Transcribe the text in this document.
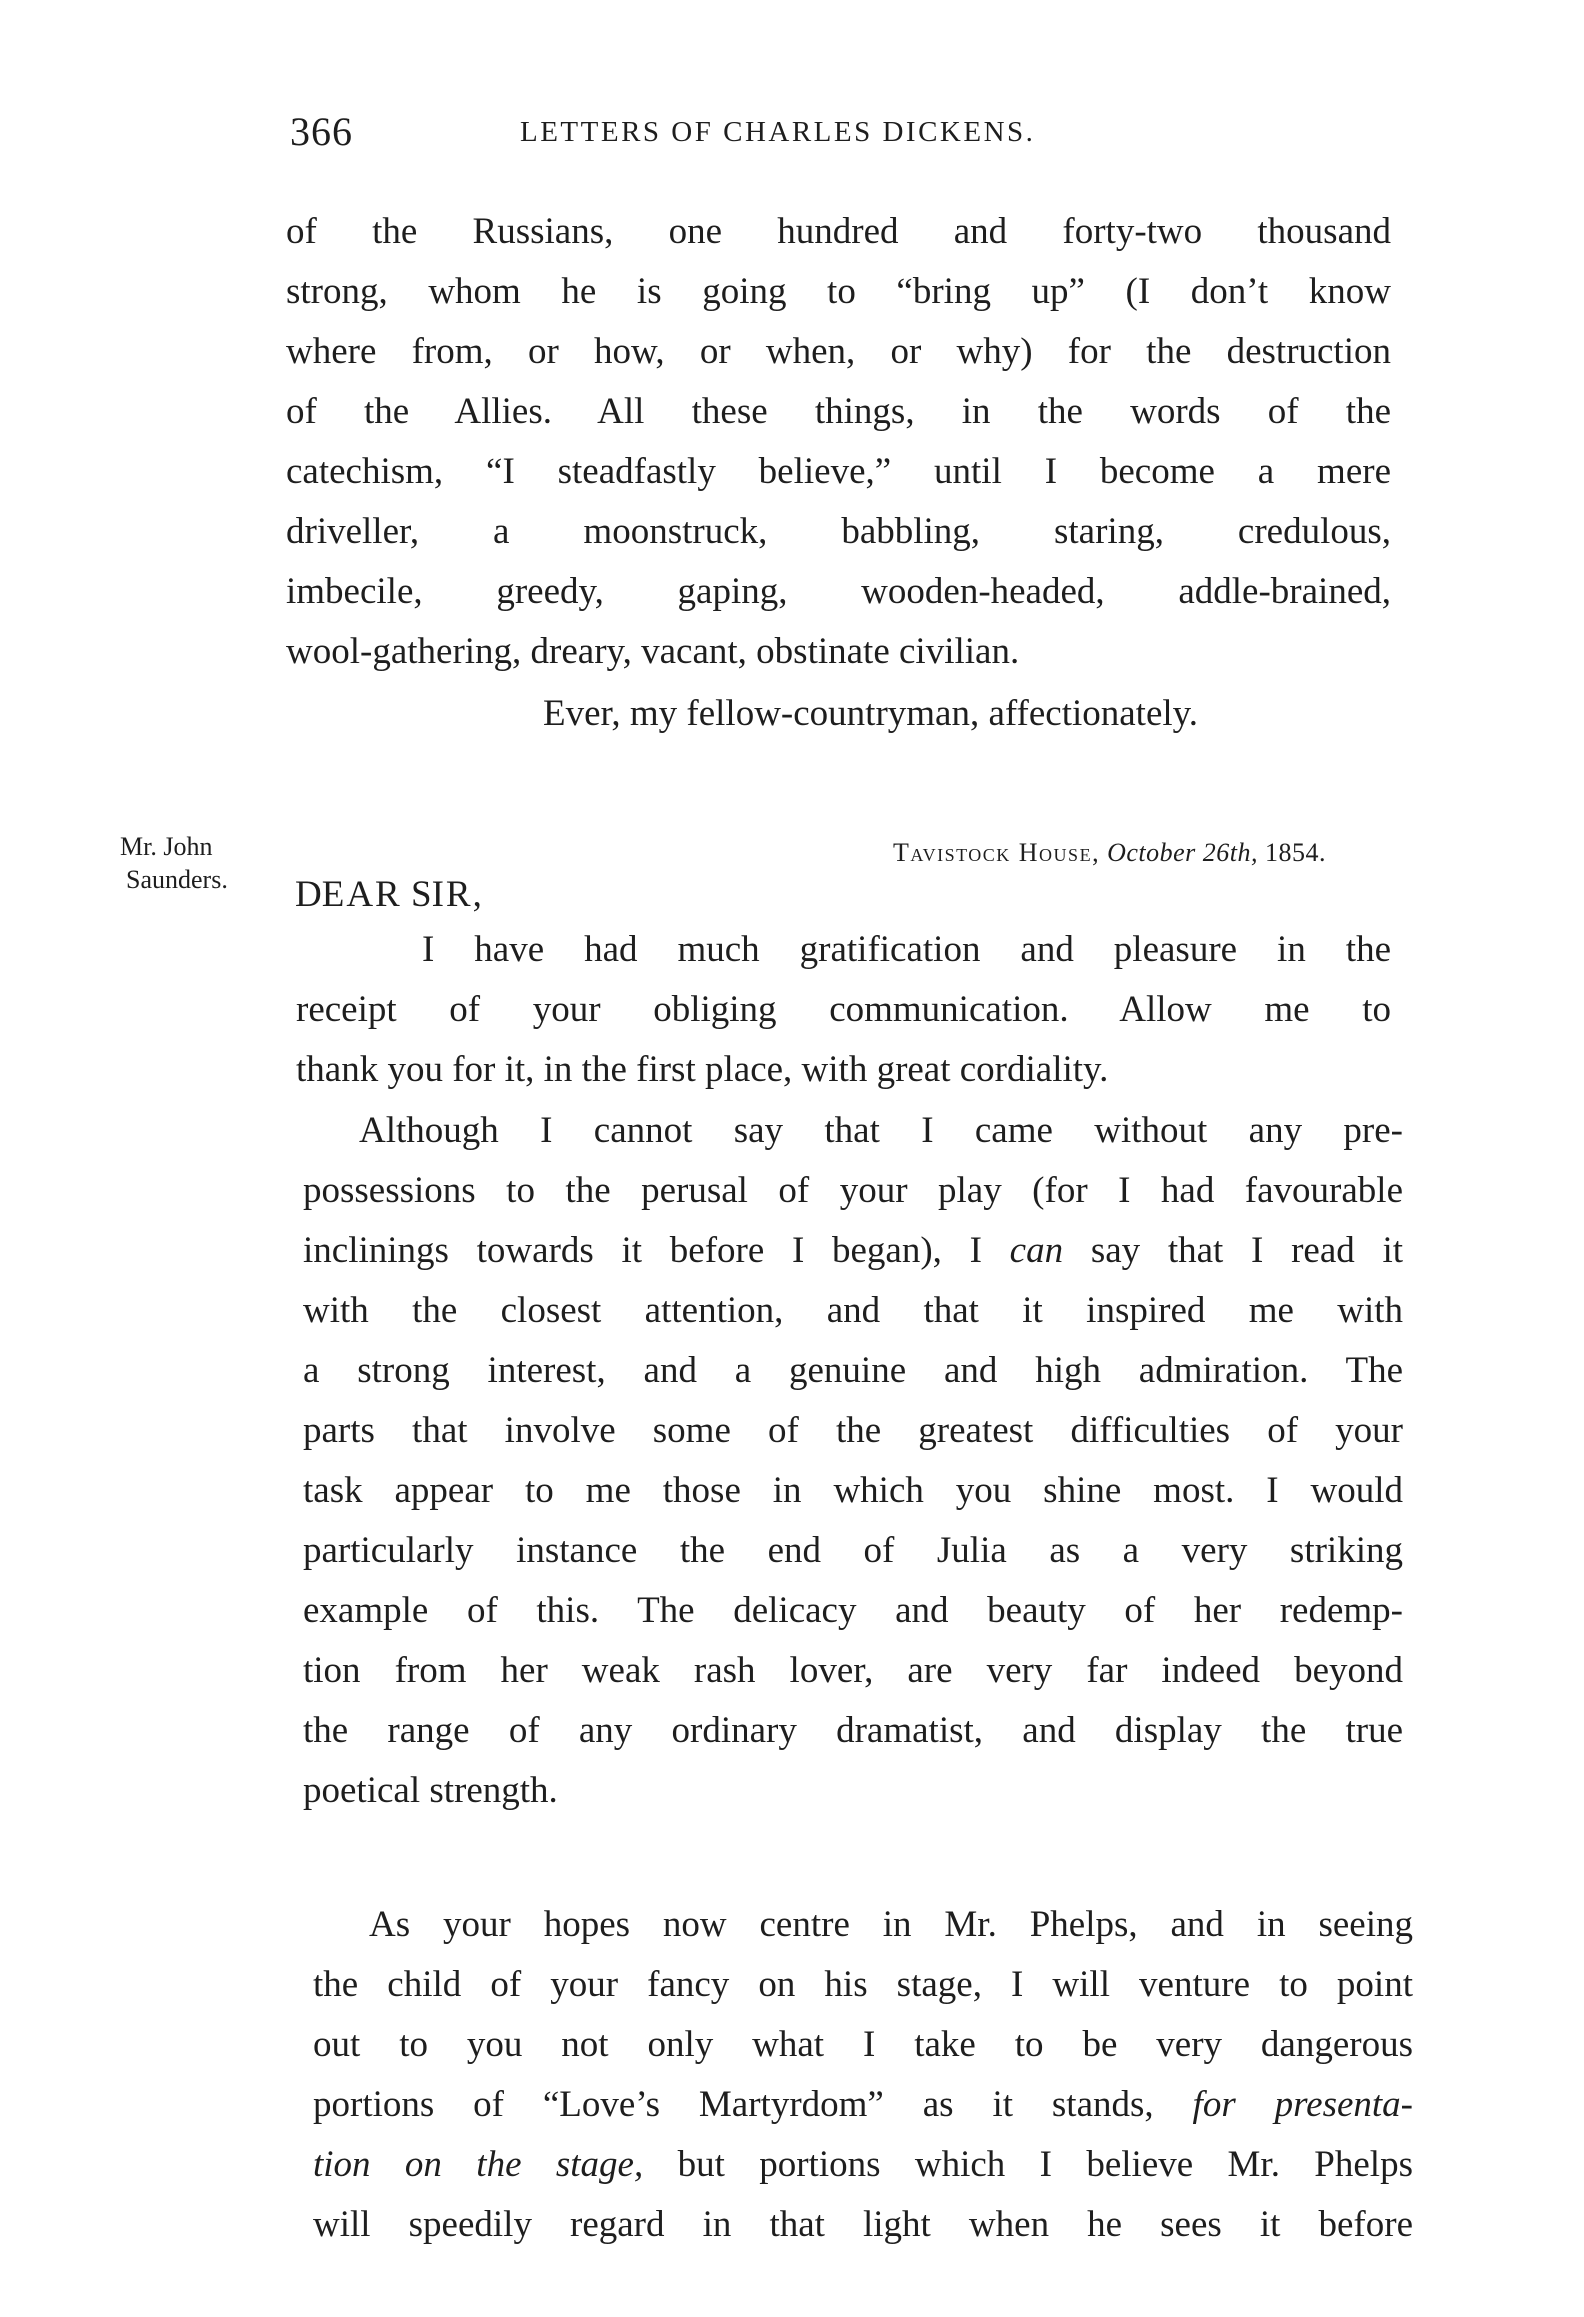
366	LETTERS OF CHARLES DICKENS.
of the Russians, one hundred and forty-two thousand
strong, whom he is going to “bring up” (I don’t know
where from, or how, or when, or why) for the destruction
of the Allies. All these things, in the words of the
catechism, “I steadfastly believe,” until I become a mere
driveller, a moonstruck, babbling, staring, credulous,
imbecile, greedy, gaping, wooden-headed, addle-brained,
wool-gathering, dreary, vacant, obstinate civilian.
Ever, my fellow-countryman, affectionately.
Mr. John
Saunders.
Tavistock House, October 26th, 1854.
DEAR SIR,
I have had much gratification and pleasure in the
receipt of your obliging communication. Allow me to
thank you for it, in the first place, with great cordiality.
Although I cannot say that I came without any pre-
possessions to the perusal of your play (for I had favourable
inclinings towards it before I began), I can say that I read it
with the closest attention, and that it inspired me with
a strong interest, and a genuine and high admiration. The
parts that involve some of the greatest difficulties of your
task appear to me those in which you shine most. I would
particularly instance the end of Julia as a very striking
example of this. The delicacy and beauty of her redemp-
tion from her weak rash lover, are very far indeed beyond
the range of any ordinary dramatist, and display the true
poetical strength.
As your hopes now centre in Mr. Phelps, and in seeing
the child of your fancy on his stage, I will venture to point
out to you not only what I take to be very dangerous
portions of “Love’s Martyrdom” as it stands, for presenta-
tion on the stage, but portions which I believe Mr. Phelps
will speedily regard in that light when he sees it before
